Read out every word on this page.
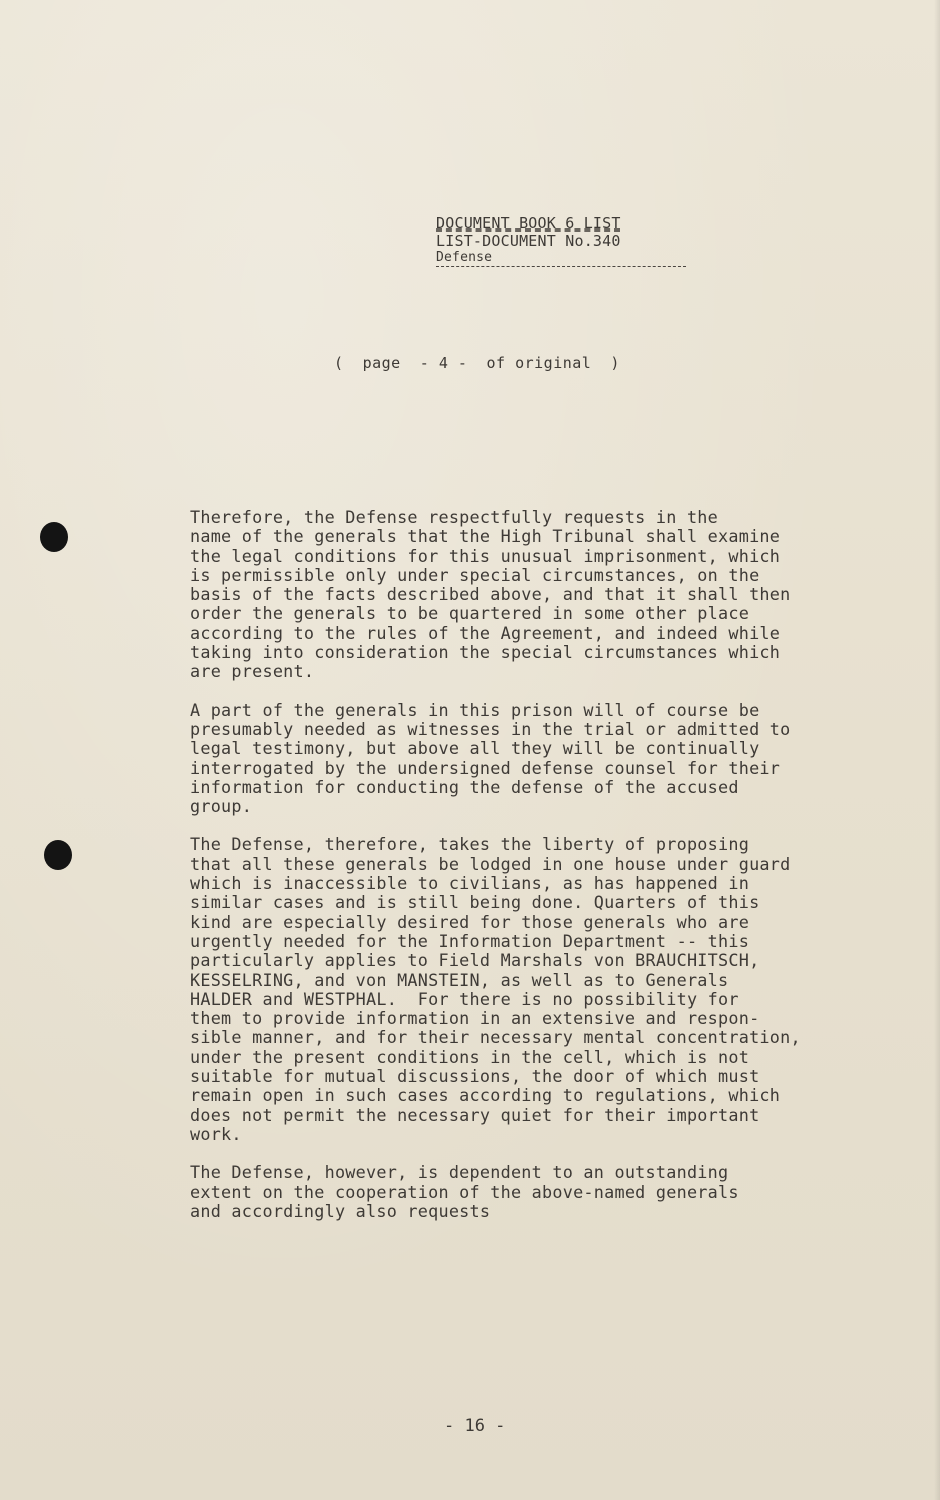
DOCUMENT BOOK 6 LIST
LIST-DOCUMENT No.340
Defense
(  page  - 4 -  of original  )
Therefore, the Defense respectfully requests in the
name of the generals that the High Tribunal shall examine
the legal conditions for this unusual imprisonment, which
is permissible only under special circumstances, on the
basis of the facts described above, and that it shall then
order the generals to be quartered in some other place
according to the rules of the Agreement, and indeed while
taking into consideration the special circumstances which
are present.
A part of the generals in this prison will of course be
presumably needed as witnesses in the trial or admitted to
legal testimony, but above all they will be continually
interrogated by the undersigned defense counsel for their
information for conducting the defense of the accused
group.
The Defense, therefore, takes the liberty of proposing
that all these generals be lodged in one house under guard
which is inaccessible to civilians, as has happened in
similar cases and is still being done. Quarters of this
kind are especially desired for those generals who are
urgently needed for the Information Department -- this
particularly applies to Field Marshals von BRAUCHITSCH,
KESSELRING, and von MANSTEIN, as well as to Generals
HALDER and WESTPHAL.  For there is no possibility for
them to provide information in an extensive and respon-
sible manner, and for their necessary mental concentration,
under the present conditions in the cell, which is not
suitable for mutual discussions, the door of which must
remain open in such cases according to regulations, which
does not permit the necessary quiet for their important
work.
The Defense, however, is dependent to an outstanding
extent on the cooperation of the above-named generals
and accordingly also requests
- 16 -
